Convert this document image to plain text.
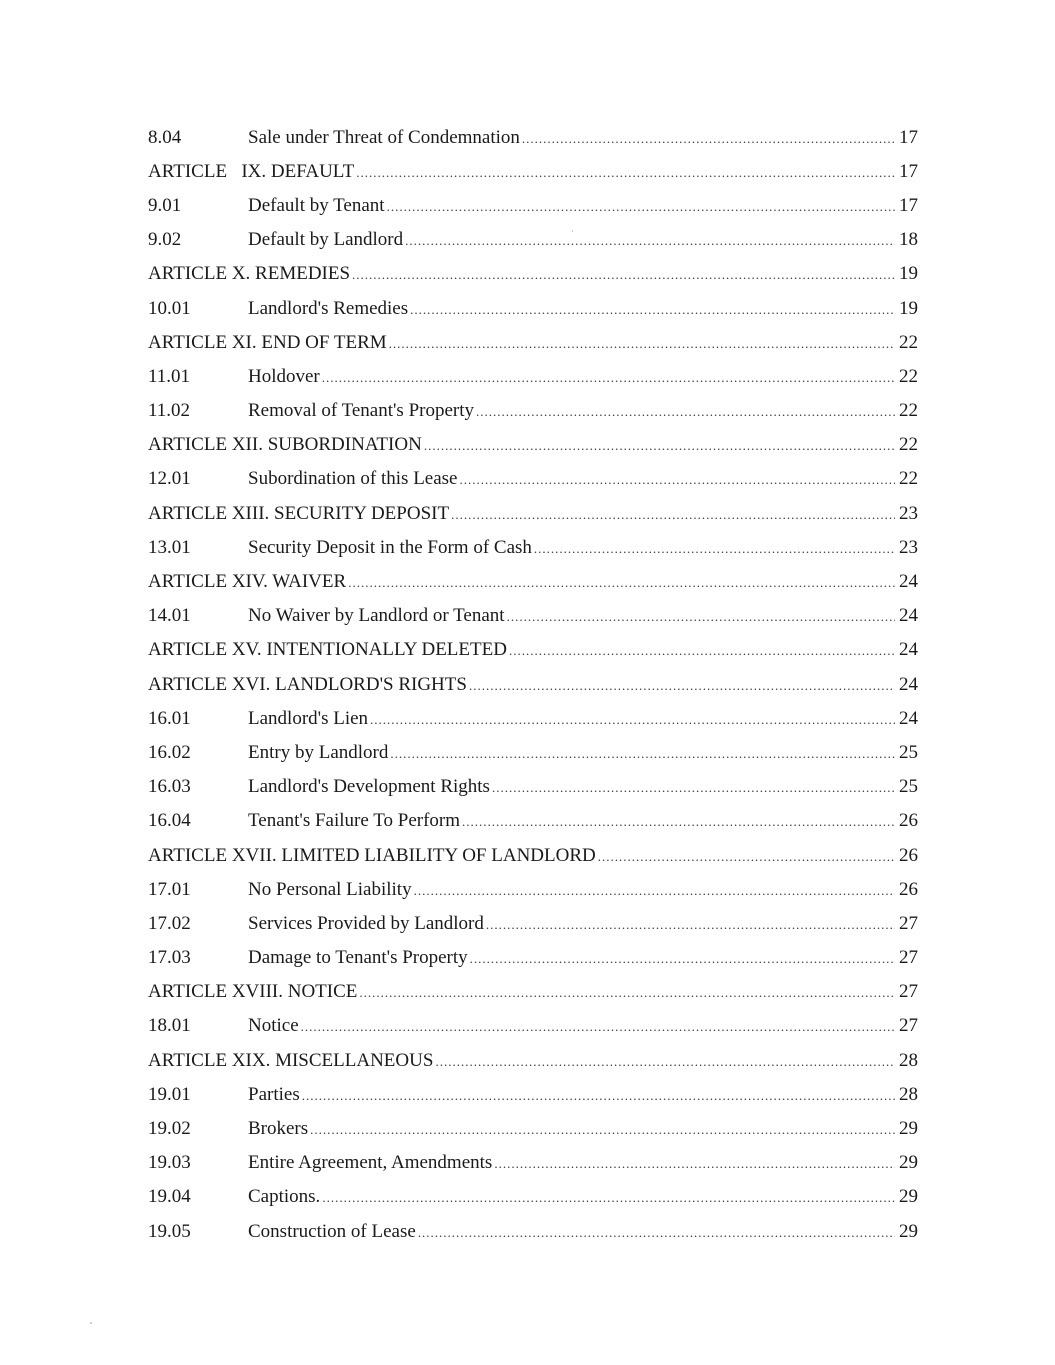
8.04	Sale under Threat of Condemnation .....	17
ARTICLE   IX. DEFAULT .....	17
9.01	Default by Tenant .....	17
9.02	Default by Landlord .....	18
ARTICLE X. REMEDIES .....	19
10.01	Landlord's Remedies .....	19
ARTICLE XI. END OF TERM .....	22
11.01	Holdover .....	22
11.02	Removal of Tenant's Property .....	22
ARTICLE XII. SUBORDINATION .....	22
12.01	Subordination of this Lease .....	22
ARTICLE XIII. SECURITY DEPOSIT .....	23
13.01	Security Deposit in the Form of Cash .....	23
ARTICLE XIV. WAIVER .....	24
14.01	No Waiver by Landlord or Tenant .....	24
ARTICLE XV. INTENTIONALLY DELETED .....	24
ARTICLE XVI. LANDLORD'S RIGHTS .....	24
16.01	Landlord's Lien .....	24
16.02	Entry by Landlord .....	25
16.03	Landlord's Development Rights .....	25
16.04	Tenant's Failure To Perform .....	26
ARTICLE XVII. LIMITED LIABILITY OF LANDLORD .....	26
17.01	No Personal Liability .....	26
17.02	Services Provided by Landlord .....	27
17.03	Damage to Tenant's Property .....	27
ARTICLE XVIII. NOTICE .....	27
18.01	Notice .....	27
ARTICLE XIX. MISCELLANEOUS .....	28
19.01	Parties .....	28
19.02	Brokers .....	29
19.03	Entire Agreement, Amendments .....	29
19.04	Captions. .....	29
19.05	Construction of Lease .....	29
